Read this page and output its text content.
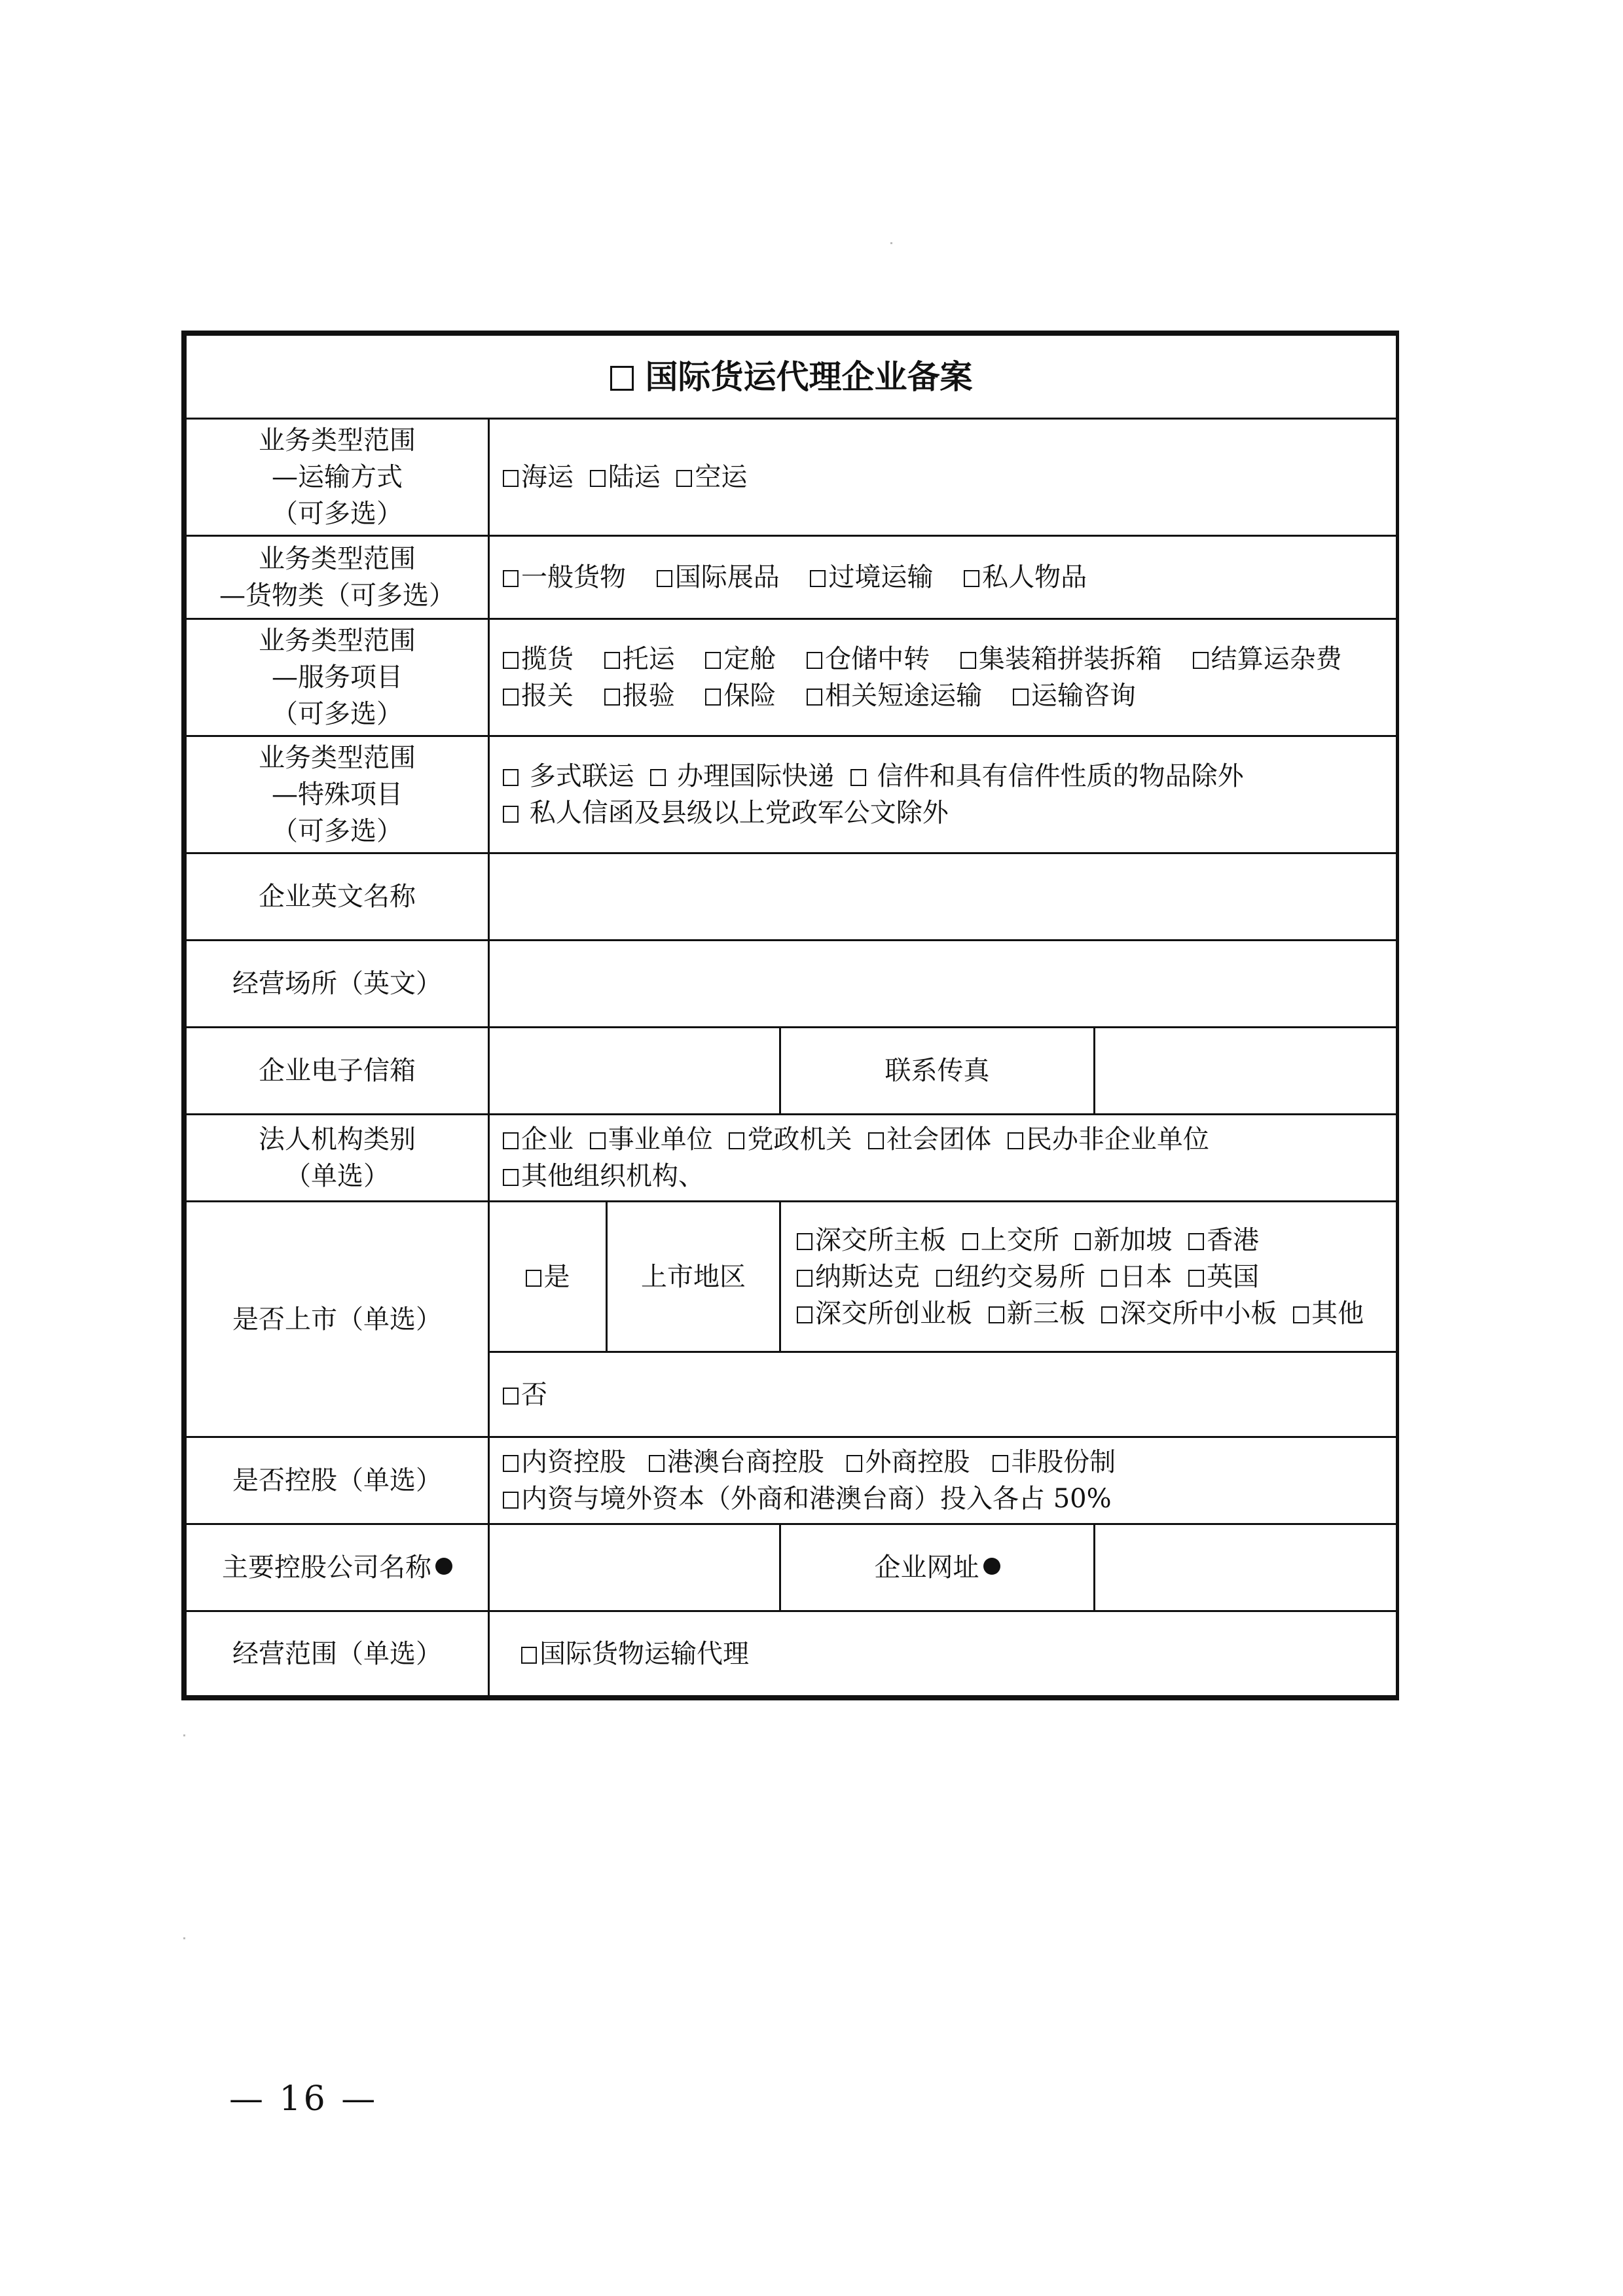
国际货运代理企业备案				

业务类型范围
—运输方式
（可多选）	海运 陆运 空运			

业务类型范围
—货物类（可多选）	一般货物 国际展品 过境运输 私人物品			

业务类型范围
—服务项目
（可多选）	揽货 托运 定舱 仓储中转 集装箱拼装拆箱 结算运杂费 报关 报验 保险 相关短途运输 运输咨询			

业务类型范围
—特殊项目
（可多选）	多式联运 办理国际快递 信件和具有信件性质的物品除外  私人信函及县级以上党政军公文除外			
企业英文名称				
经营场所（英文）				
企业电子信箱			联系传真	

法人机构类别
（单选）	企业 事业单位 党政机关 社会团体 民办非企业单位 其他组织机构、			
是否上市（单选）	是	上市地区	深交所主板 上交所 新加坡 香港 纳斯达克 纽约交易所 日本 英国 深交所创业板 新三板 深交所中小板 其他	
	否			
是否控股（单选）	内资控股 港澳台商控股 外商控股 非股份制 内资与境外资本（外商和港澳台商）投入各占 50%			
主要控股公司名称			企业网址	
经营范围（单选）	国际货物运输代理			
— 16 —
